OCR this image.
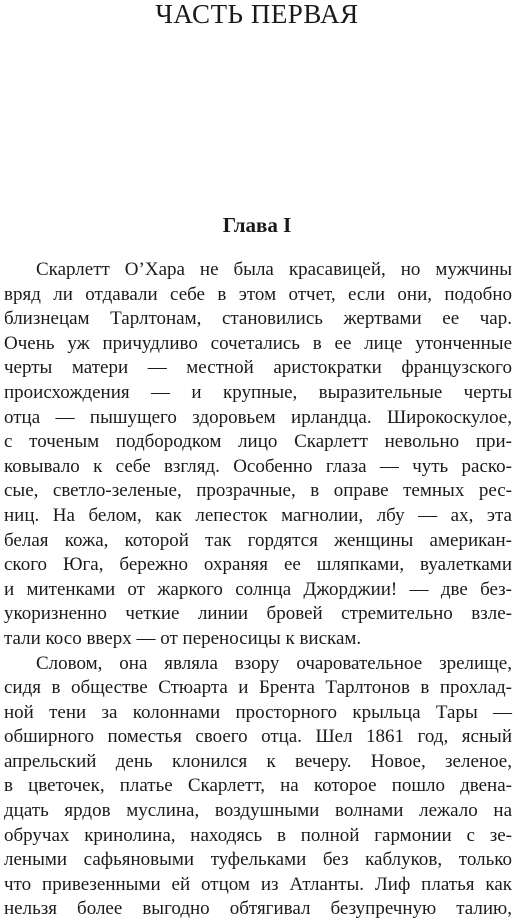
ЧАСТЬ ПЕРВАЯ
Глава I
Скарлетт О’Хара не была красавицей, но мужчины
вряд ли отдавали себе в этом отчет, если они, подобно
близнецам Тарлтонам, становились жертвами ее чар.
Очень уж причудливо сочетались в ее лице утонченные
черты матери — местной аристократки французского
происхождения — и крупные, выразительные черты
отца — пышущего здоровьем ирландца. Широкоскулое,
с точеным подбородком лицо Скарлетт невольно при-
ковывало к себе взгляд. Особенно глаза — чуть раско-
сые, светло-зеленые, прозрачные, в оправе темных рес-
ниц. На белом, как лепесток магнолии, лбу — ах, эта
белая кожа, которой так гордятся женщины американ-
ского Юга, бережно охраняя ее шляпками, вуалетками
и митенками от жаркого солнца Джорджии! — две без-
укоризненно четкие линии бровей стремительно взле-
тали косо вверх — от переносицы к вискам.
Словом, она являла взору очаровательное зрелище,
сидя в обществе Стюарта и Брента Тарлтонов в прохлад-
ной тени за колоннами просторного крыльца Тары —
обширного поместья своего отца. Шел 1861 год, ясный
апрельский день клонился к вечеру. Новое, зеленое,
в цветочек, платье Скарлетт, на которое пошло двена-
дцать ярдов муслина, воздушными волнами лежало на
обручах кринолина, находясь в полной гармонии с зе-
леными сафьяновыми туфельками без каблуков, только
что привезенными ей отцом из Атланты. Лиф платья как
нельзя более выгодно обтягивал безупречную талию,
